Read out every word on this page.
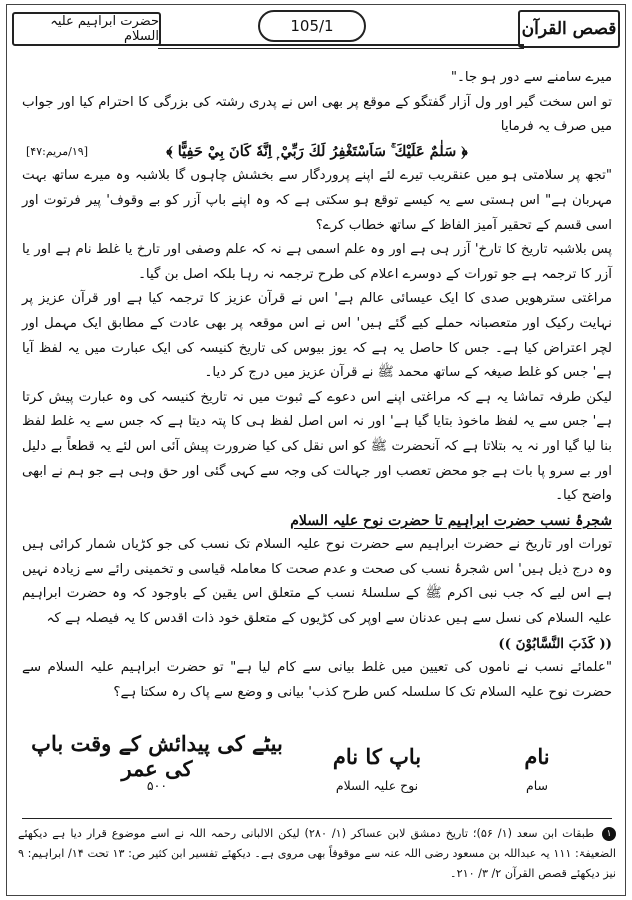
حضرت ابراہیم علیہ السلام
105/1	قصص القرآن

میرے سامنے سے دور ہو جا۔"

تو اس سخت گیر اور ول آزار گفتگو کے موقع پر بھی اس نے پدری رشتہ کی بزرگی کا احترام کیا اور جواب میں صرف یہ فرمایا

﴿ سَلٰمٌ عَلَيْكَ ۚ سَاَسْتَغْفِرُ لَكَ رَبِّيْ ۭ اِنَّهٗ كَانَ بِيْ حَفِيًّا ﴾
[۱۹/مریم:۴۷]

"تجھ پر سلامتی ہو میں عنقریب تیرے لئے اپنے پروردگار سے بخشش چاہوں گا بلاشبہ وہ میرے ساتھ بہت مہربان ہے" اس ہستی سے یہ کیسے توقع ہو سکتی ہے کہ وہ اپنے باپ آزر کو بے وقوف' پیر فرتوت اور اسی قسم کے تحقیر آمیز الفاظ کے ساتھ خطاب کرے؟

پس بلاشبہ تاریخ کا تارخ' آزر ہی ہے اور وہ علم اسمی ہے نہ کہ علم وصفی اور تارخ یا غلط نام ہے اور یا آزر کا ترجمہ ہے جو تورات کے دوسرے اعلام کی طرح ترجمہ نہ رہا بلکہ اصل بن گیا۔

مراغتی سترھویں صدی کا ایک عیسائی عالم ہے' اس نے قرآن عزیز کا ترجمہ کیا ہے اور قرآن عزیز پر نہایت رکیک اور متعصبانہ حملے کیے گئے ہیں' اس نے اس موقعہ پر بھی عادت کے مطابق ایک مہمل اور لچر اعتراض کیا ہے۔ جس کا حاصل یہ ہے کہ یوز بیوس کی تاریخ کنیسہ کی ایک عبارت میں یہ لفظ آیا ہے' جس کو غلط صیغہ کے ساتھ محمد ﷺ نے قرآن عزیز میں درج کر دیا۔

لیکن طرفہ تماشا یہ ہے کہ مراغتی اپنے اس دعوے کے ثبوت میں نہ تاریخ کنیسہ کی وہ عبارت پیش کرتا ہے' جس سے یہ لفظ ماخوذ بتایا گیا ہے' اور نہ اس اصل لفظ ہی کا پتہ دیتا ہے کہ جس سے یہ غلط لفظ بنا لیا گیا اور نہ یہ بتلاتا ہے کہ آنحضرت ﷺ کو اس نقل کی کیا ضرورت پیش آئی اس لئے یہ قطعاً بے دلیل اور بے سرو پا بات ہے جو محض تعصب اور جہالت کی وجہ سے کہی گئی اور حق وہی ہے جو ہم نے ابھی واضح کیا۔

شجرۂ نسب حضرت ابراہیم تا حضرت نوح علیہ السلام

تورات اور تاریخ نے حضرت ابراہیم سے حضرت نوح علیہ السلام تک نسب کی جو کڑیاں شمار کرائی ہیں وہ درج ذیل ہیں' اس شجرۂ نسب کی صحت و عدم صحت کا معاملہ قیاسی و تخمینی رائے سے زیادہ نہیں ہے اس لیے کہ جب نبی اکرم ﷺ کے سلسلۂ نسب کے متعلق اس یقین کے باوجود کہ وہ حضرت ابراہیم علیہ السلام کی نسل سے ہیں عدنان سے اوپر کی کڑیوں کے متعلق خود ذات اقدس کا یہ فیصلہ ہے کہ

(( كَذَبَ النَّسَّابُوْنَ ))

"علمائے نسب نے ناموں کی تعیین میں غلط بیانی سے کام لیا ہے" تو حضرت ابراہیم علیہ السلام سے حضرت نوح علیہ السلام تک کا سلسلہ کس طرح کذب' بیانی و وضع سے پاک رہ سکتا ہے؟

نام
باپ کا نام
بیٹے کی پیدائش کے وقت باپ کی عمر
سام
نوح علیہ السلام
۵۰۰
۱ طبقات ابن سعد (۱/ ۵۶)؛ تاریخ دمشق لابن عساکر (۱/ ۲۸۰) لیکن الالبانی رحمہ اللہ نے اسے موضوع قرار دیا ہے دیکھئے الضعیفۃ: ۱۱۱ یہ عبداللہ بن مسعود رضی اللہ عنہ سے موقوفاً بھی مروی ہے۔ دیکھئے تفسیر ابن کثیر ص: ۱۳ تحت ۱۴/ ابراہیم: ۹ نیز دیکھئے قصص القرآن ۲/ ۳/ ۲۱۰۔
